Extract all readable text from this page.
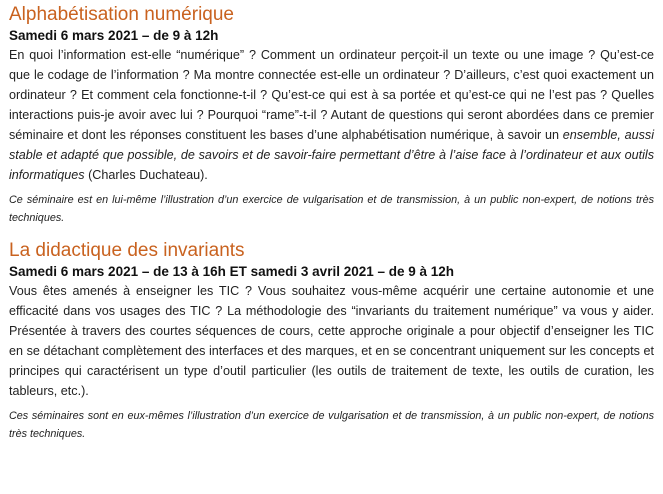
Alphabétisation numérique

Samedi 6 mars 2021 – de 9 à 12h

En quoi l’information est-elle “numérique” ? Comment un ordinateur perçoit-il un texte ou une image ? Qu’est-ce que le codage de l’information ? Ma montre connectée est-elle un ordinateur ? D’ailleurs, c’est quoi exactement un ordinateur ? Et comment cela fonctionne-t-il ? Qu’est-ce qui est à sa portée et qu’est-ce qui ne l’est pas ? Quelles interactions puis-je avoir avec lui ? Pourquoi “rame”-t-il ? Autant de questions qui seront abordées dans ce premier séminaire et dont les réponses constituent les bases d’une alphabétisation numérique, à savoir un ensemble, aussi stable et adapté que possible, de savoirs et de savoir-faire permettant d’être à l’aise face à l’ordinateur et aux outils informatiques (Charles Duchateau).

Ce séminaire est en lui-même l’illustration d’un exercice de vulgarisation et de transmission, à un public non-expert, de notions très techniques.

La didactique des invariants

Samedi 6 mars 2021 – de 13 à 16h ET samedi 3 avril 2021 – de 9 à 12h

Vous êtes amenés à enseigner les TIC ? Vous souhaitez vous-même acquérir une certaine autonomie et une efficacité dans vos usages des TIC ? La méthodologie des “invariants du traitement numérique” va vous y aider. Présentée à travers des courtes séquences de cours, cette approche originale a pour objectif d’enseigner les TIC en se détachant complètement des interfaces et des marques, et en se concentrant uniquement sur les concepts et principes qui caractérisent un type d’outil particulier (les outils de traitement de texte, les outils de curation, les tableurs, etc.).

Ces séminaires sont en eux-mêmes l’illustration d’un exercice de vulgarisation et de transmission, à un public non-expert, de notions très techniques.
